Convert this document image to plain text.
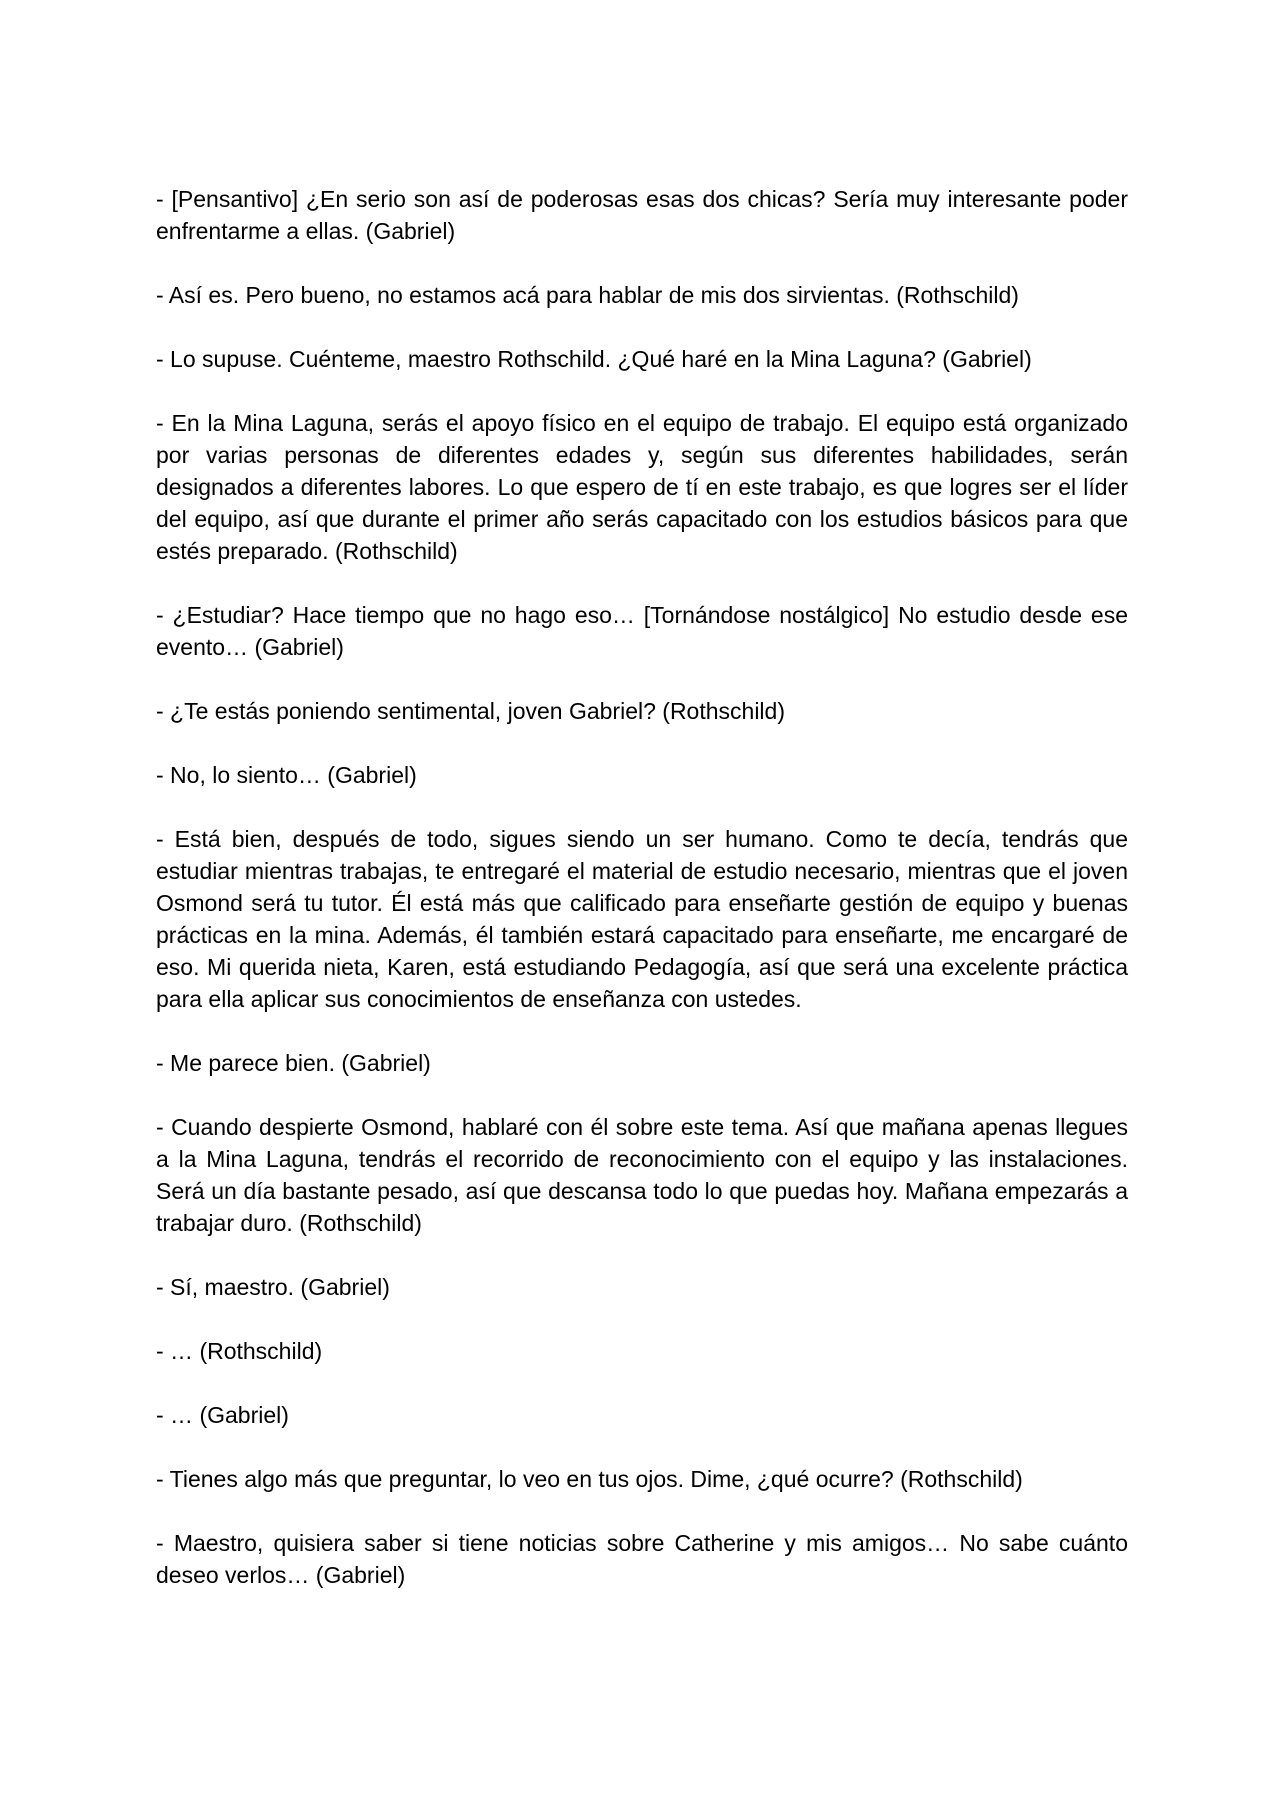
- [Pensantivo] ¿En serio son así de poderosas esas dos chicas? Sería muy interesante poder enfrentarme a ellas. (Gabriel)

- Así es. Pero bueno, no estamos acá para hablar de mis dos sirvientas. (Rothschild)

- Lo supuse. Cuénteme, maestro Rothschild. ¿Qué haré en la Mina Laguna? (Gabriel)

- En la Mina Laguna, serás el apoyo físico en el equipo de trabajo. El equipo está organizado por varias personas de diferentes edades y, según sus diferentes habilidades, serán designados a diferentes labores. Lo que espero de tí en este trabajo, es que logres ser el líder del equipo, así que durante el primer año serás capacitado con los estudios básicos para que estés preparado. (Rothschild)

- ¿Estudiar? Hace tiempo que no hago eso… [Tornándose nostálgico] No estudio desde ese evento… (Gabriel)

- ¿Te estás poniendo sentimental, joven Gabriel? (Rothschild)

- No, lo siento… (Gabriel)

- Está bien, después de todo, sigues siendo un ser humano. Como te decía, tendrás que estudiar mientras trabajas, te entregaré el material de estudio necesario, mientras que el joven Osmond será tu tutor. Él está más que calificado para enseñarte gestión de equipo y buenas prácticas en la mina. Además, él también estará capacitado para enseñarte, me encargaré de eso. Mi querida nieta, Karen, está estudiando Pedagogía, así que será una excelente práctica para ella aplicar sus conocimientos de enseñanza con ustedes.

- Me parece bien. (Gabriel)

- Cuando despierte Osmond, hablaré con él sobre este tema. Así que mañana apenas llegues a la Mina Laguna, tendrás el recorrido de reconocimiento con el equipo y las instalaciones. Será un día bastante pesado, así que descansa todo lo que puedas hoy. Mañana empezarás a trabajar duro. (Rothschild)

- Sí, maestro. (Gabriel)

- … (Rothschild)

- … (Gabriel)

- Tienes algo más que preguntar, lo veo en tus ojos. Dime, ¿qué ocurre? (Rothschild)

- Maestro, quisiera saber si tiene noticias sobre Catherine y mis amigos… No sabe cuánto deseo verlos… (Gabriel)
